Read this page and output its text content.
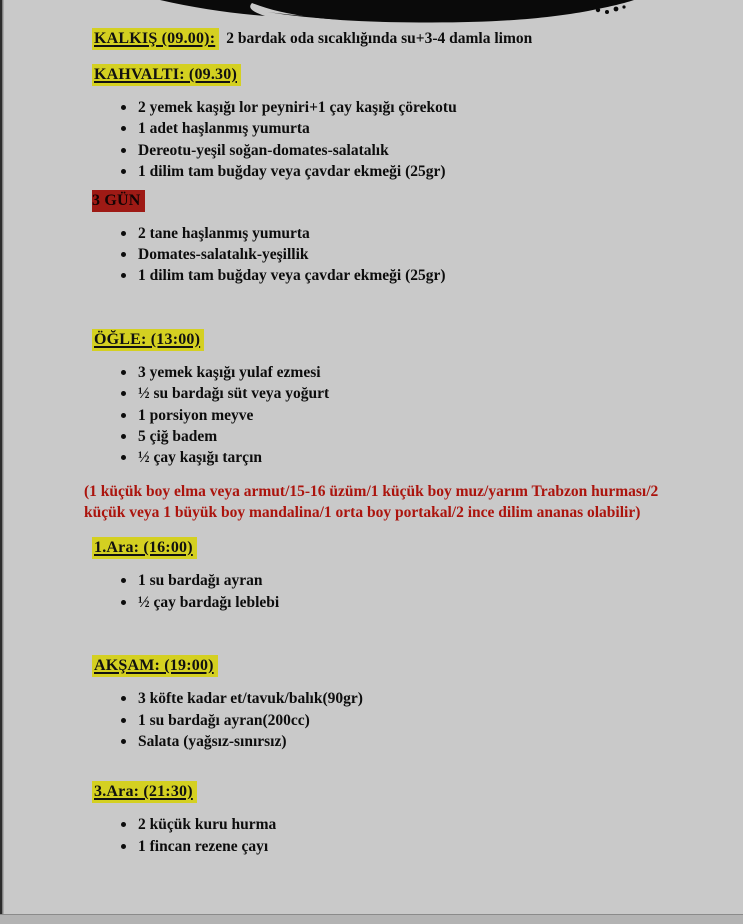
KALKIŞ (09.00): 2 bardak oda sıcaklığında su+3-4 damla limon
KAHVALTI: (09.30)
2 yemek kaşığı lor peyniri+1 çay kaşığı çörekotu
1 adet haşlanmış yumurta
Dereotu-yeşil soğan-domates-salatalık
1 dilim tam buğday veya çavdar ekmeği (25gr)
3 GÜN
2 tane haşlanmış yumurta
Domates-salatalık-yeşillik
1 dilim tam buğday veya çavdar ekmeği (25gr)
ÖĞLE: (13:00)
3 yemek kaşığı yulaf ezmesi
½ su bardağı süt veya yoğurt
1 porsiyon meyve
5 çiğ badem
½ çay kaşığı tarçın

(1 küçük boy elma veya armut/15-16 üzüm/1 küçük boy muz/yarım Trabzon hurması/2 küçük veya 1 büyük boy mandalina/1 orta boy portakal/2 ince dilim ananas olabilir)

1.Ara: (16:00)
1 su bardağı ayran
½ çay bardağı leblebi
AKŞAM: (19:00)
3 köfte kadar et/tavuk/balık(90gr)
1 su bardağı ayran(200cc)
Salata (yağsız-sınırsız)
3.Ara: (21:30)
2 küçük kuru hurma
1 fincan rezene çayı
